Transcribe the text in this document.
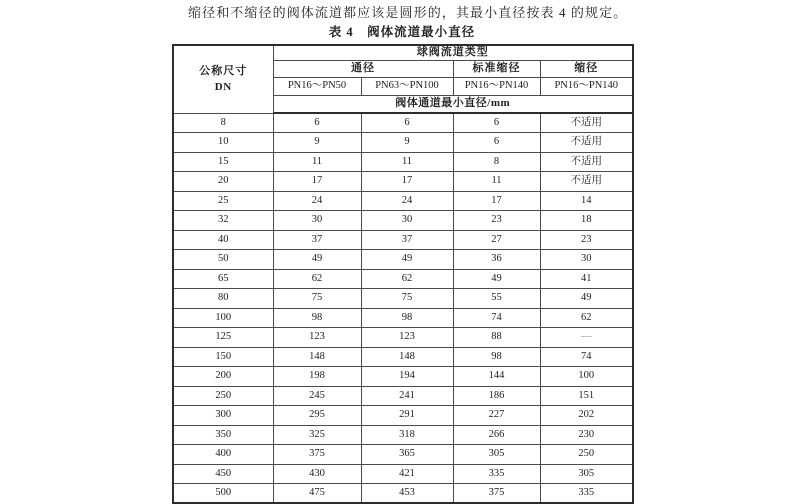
缩径和不缩径的阀体流道都应该是圆形的，其最小直径按表 4 的规定。
表 4　阀体流道最小直径
公称尺寸
DN	球阀流道类型			
	通径		标准缩径	缩径
	PN16～PN50	PN63～PN100	PN16～PN140	PN16～PN140
	阀体通道最小直径/mm			
8	6	6	6	不适用
10	9	9	6	不适用
15	11	11	8	不适用
20	17	17	11	不适用
25	24	24	17	14
32	30	30	23	18
40	37	37	27	23
50	49	49	36	30
65	62	62	49	41
80	75	75	55	49
100	98	98	74	62
125	123	123	88	—
150	148	148	98	74
200	198	194	144	100
250	245	241	186	151
300	295	291	227	202
350	325	318	266	230
400	375	365	305	250
450	430	421	335	305
500	475	453	375	335
